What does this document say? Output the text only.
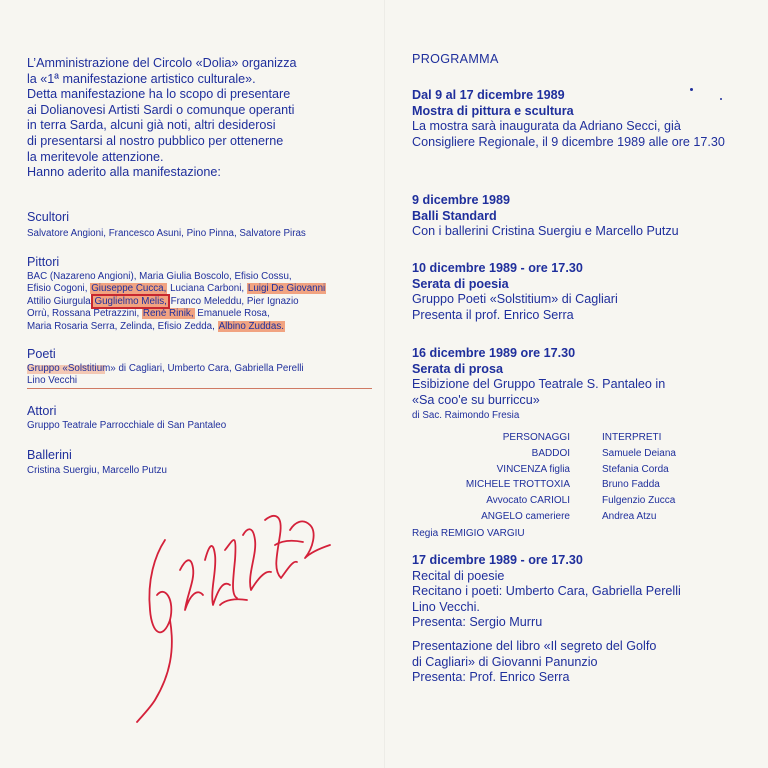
L’Amministrazione del Circolo «Dolia» organizza
la «1ª manifestazione artistico culturale».
Detta manifestazione ha lo scopo di presentare
ai Dolianovesi Artisti Sardi o comunque operanti
in terra Sarda, alcuni già noti, altri desiderosi
di presentarsi al nostro pubblico per ottenerne
la meritevole attenzione.
Hanno aderito alla manifestazione:
Scultori
Salvatore Angioni, Francesco Asuni, Pino Pinna, Salvatore Piras
Pittori
BAC (Nazareno Angioni), Maria Giulia Boscolo, Efisio Cossu,
Efisio Cogoni, Giuseppe Cucca, Luciana Carboni, Luigi De Giovanni
Attilio Giurgula Guglielmo Melis, Franco Meleddu, Pier Ignazio
Orrù, Rossana Petrazzini, René Rinik, Emanuele Rosa,
Maria Rosaria Serra, Zelinda, Efisio Zedda, Albino Zuddas.
Poeti
Gruppo «Solstitium» di Cagliari, Umberto Cara, Gabriella Perelli
Lino Vecchi
Attori
Gruppo Teatrale Parrocchiale di San Pantaleo
Ballerini
Cristina Suergiu, Marcello Putzu
G. Melis, Vargiu
PROGRAMMA
Dal 9 al 17 dicembre 1989
Mostra di pittura e scultura
La mostra sarà inaugurata da Adriano Secci, già
Consigliere Regionale, il 9 dicembre 1989 alle ore 17.30
9 dicembre 1989
Balli Standard
Con i ballerini Cristina Suergiu e Marcello Putzu
10 dicembre 1989 - ore 17.30
Serata di poesia
Gruppo Poeti «Solstitium» di Cagliari
Presenta il prof. Enrico Serra
16 dicembre 1989 ore 17.30
Serata di prosa
Esibizione del Gruppo Teatrale S. Pantaleo in
«Sa coo'e su burriccu»
di Sac. Raimondo Fresia
PERSONAGGI
BADDOI
VINCENZA figlia
MICHELE TROTTOXIA
Avvocato CARIOLI
ANGELO cameriere
INTERPRETI
Samuele Deiana
Stefania Corda
Bruno Fadda
Fulgenzio Zucca
Andrea Atzu
Regia REMIGIO VARGIU
17 dicembre 1989 - ore 17.30
Recital di poesie
Recitano i poeti: Umberto Cara, Gabriella Perelli
Lino Vecchi.
Presenta: Sergio Murru
Presentazione del libro «Il segreto del Golfo
di Cagliari» di Giovanni Panunzio
Presenta: Prof. Enrico Serra
